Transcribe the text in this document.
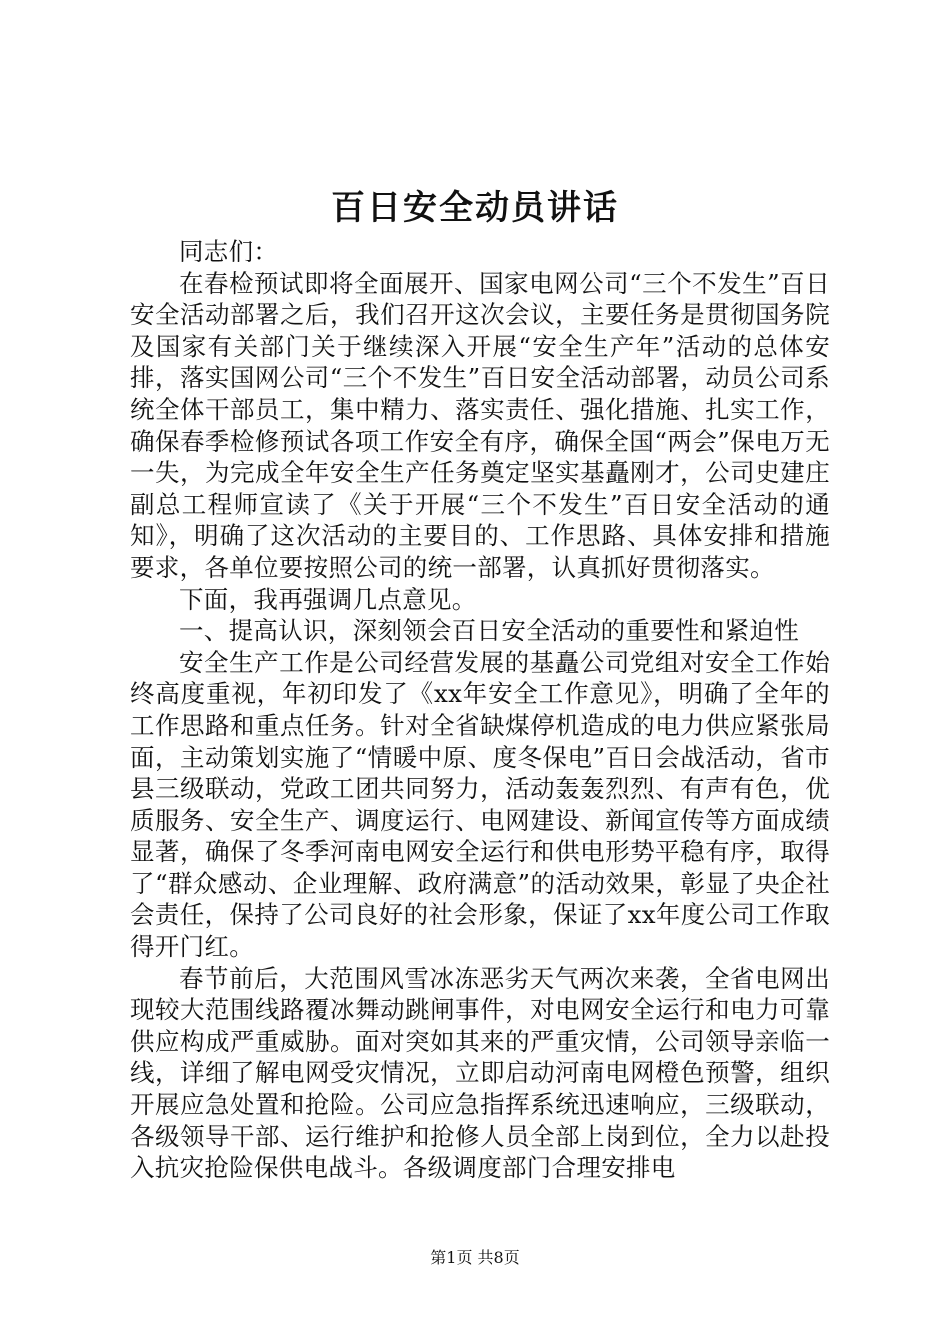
百日安全动员讲话

同志们：

在春检预试即将全面展开、国家电网公司“三个不发生”百日安全活动部署之后，我们召开这次会议，主要任务是贯彻国务院及国家有关部门关于继续深入开展“安全生产年”活动的总体安排，落实国网公司“三个不发生”百日安全活动部署，动员公司系统全体干部员工，集中精力、落实责任、强化措施、扎实工作，确保春季检修预试各项工作安全有序，确保全国“两会”保电万无一失，为完成全年安全生产任务奠定坚实基矗刚才，公司史建庄副总工程师宣读了《关于开展“三个不发生”百日安全活动的通知》，明确了这次活动的主要目的、工作思路、具体安排和措施要求，各单位要按照公司的统一部署，认真抓好贯彻落实。

下面，我再强调几点意见。

一、提高认识，深刻领会百日安全活动的重要性和紧迫性

安全生产工作是公司经营发展的基矗公司党组对安全工作始终高度重视，年初印发了《xx年安全工作意见》，明确了全年的工作思路和重点任务。针对全省缺煤停机造成的电力供应紧张局面，主动策划实施了“情暖中原、度冬保电”百日会战活动，省市县三级联动，党政工团共同努力，活动轰轰烈烈、有声有色，优质服务、安全生产、调度运行、电网建设、新闻宣传等方面成绩显著，确保了冬季河南电网安全运行和供电形势平稳有序，取得了“群众感动、企业理解、政府满意”的活动效果，彰显了央企社会责任，保持了公司良好的社会形象，保证了xx年度公司工作取得开门红。

春节前后，大范围风雪冰冻恶劣天气两次来袭，全省电网出现较大范围线路覆冰舞动跳闸事件，对电网安全运行和电力可靠供应构成严重威胁。面对突如其来的严重灾情，公司领导亲临一线，详细了解电网受灾情况，立即启动河南电网橙色预警，组织开展应急处置和抢险。公司应急指挥系统迅速响应，三级联动，各级领导干部、运行维护和抢修人员全部上岗到位，全力以赴投入抗灾抢险保供电战斗。各级调度部门合理安排电

第1页 共8页
